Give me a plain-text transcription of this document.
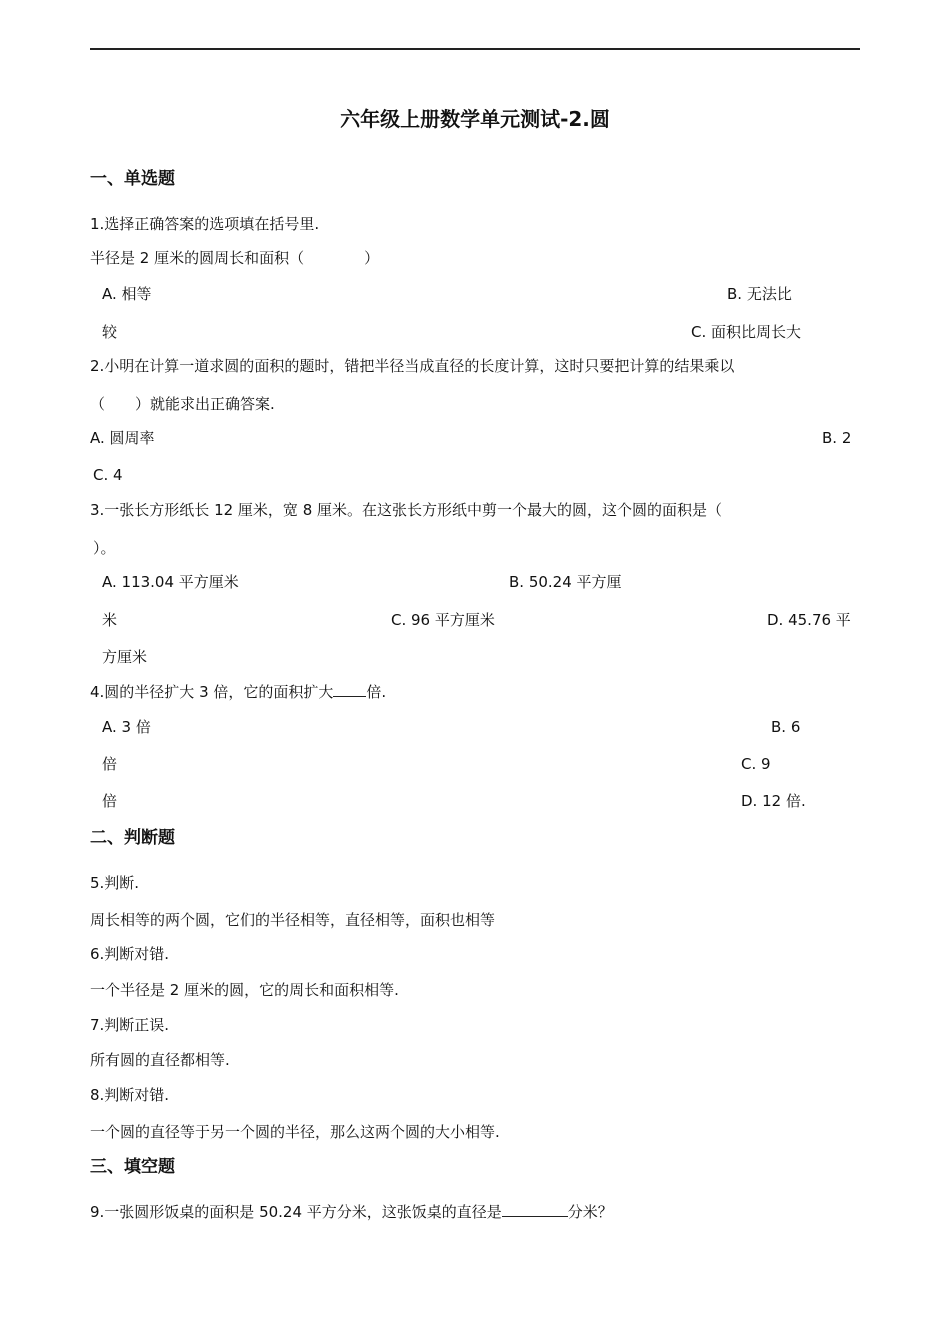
六年级上册数学单元测试-2.圆
一、单选题
1.选择正确答案的选项填在括号里.
半径是 2 厘米的圆周长和面积（　　　　）
A. 相等	B. 无法比
较	C. 面积比周长大
2.小明在计算一道求圆的面积的题时，错把半径当成直径的长度计算，这时只要把计算的结果乘以
（　　）就能求出正确答案.
A. 圆周率	B. 2
C. 4
3.一张长方形纸长 12 厘米，宽 8 厘米。在这张长方形纸中剪一个最大的圆，这个圆的面积是（
）。
A. 113.04 平方厘米	B. 50.24 平方厘
米	C. 96 平方厘米	D. 45.76 平
方厘米
4.圆的半径扩大 3 倍，它的面积扩大 倍.
A. 3 倍	B. 6
倍	C. 9
倍	D. 12 倍.
二、判断题
5.判断.
周长相等的两个圆，它们的半径相等，直径相等，面积也相等
6.判断对错.
一个半径是 2 厘米的圆，它的周长和面积相等.
7.判断正误.
所有圆的直径都相等.
8.判断对错.
一个圆的直径等于另一个圆的半径，那么这两个圆的大小相等.
三、填空题
9.一张圆形饭桌的面积是 50.24 平方分米，这张饭桌的直径是	分米？
